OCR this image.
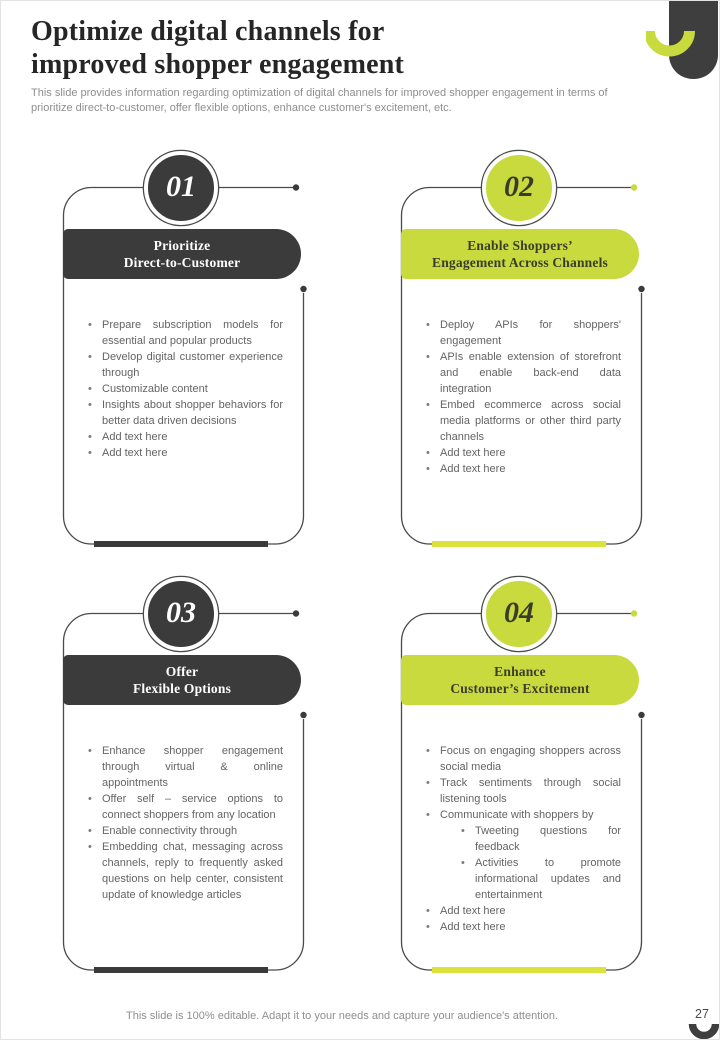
Optimize digital channels for
improved shopper engagement

This slide provides information regarding optimization of digital channels for improved shopper engagement in terms of prioritize direct-to-customer, offer flexible options, enhance customer's excitement, etc.

01
Prioritize
Direct-to-Customer
• Prepare subscription models for essential and popular products
• Develop digital customer experience through
• Customizable content
• Insights about shopper behaviors for better data driven decisions
• Add text here
• Add text here
02
Enable Shoppers’
Engagement Across Channels
• Deploy APIs for shoppers' engagement
• APIs enable extension of storefront and enable back-end data integration
• Embed ecommerce across social media platforms or other third party channels
• Add text here
• Add text here
03
Offer
Flexible Options
• Enhance shopper engagement through virtual & online appointments
• Offer self – service options to connect shoppers from any location
• Enable connectivity through
• Embedding chat, messaging across channels, reply to frequently asked questions on help center, consistent update of knowledge articles
04
Enhance
Customer’s Excitement
• Focus on engaging shoppers across social media
• Track sentiments through social listening tools
• Communicate with shoppers by
• Tweeting questions for feedback
• Activities to promote informational updates and entertainment
• Add text here
• Add text here
This slide is 100% editable. Adapt it to your needs and capture your audience's attention.	27
